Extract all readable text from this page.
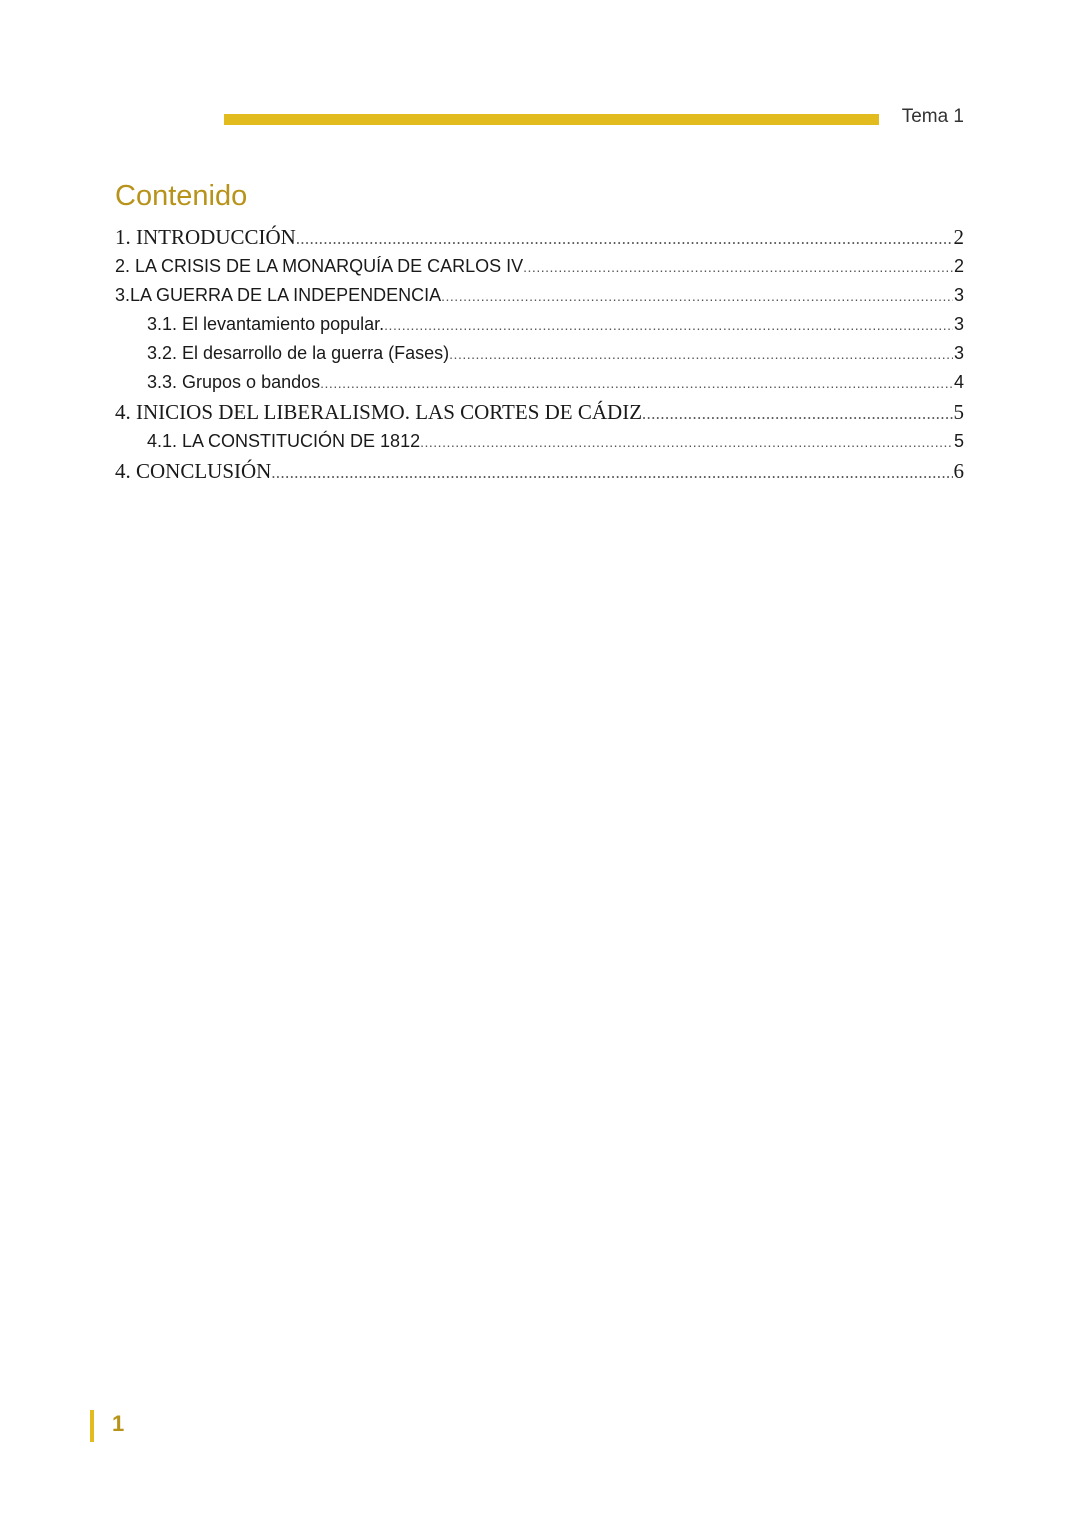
Tema 1
Contenido
1. INTRODUCCIÓN .....	2
2. LA CRISIS DE LA MONARQUÍA DE CARLOS IV .....	2
3.LA GUERRA DE LA INDEPENDENCIA .....	3
3.1. El levantamiento popular. .....	3
3.2. El desarrollo de la guerra (Fases) .....	3
3.3. Grupos o bandos .....	4
4. INICIOS DEL LIBERALISMO. LAS CORTES DE CÁDIZ .....	5
4.1. LA CONSTITUCIÓN DE 1812 .....	5
4. CONCLUSIÓN .....	6
1
